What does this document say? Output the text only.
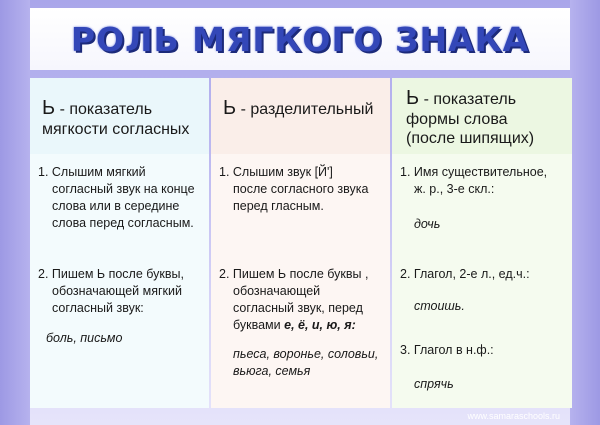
РОЛЬ МЯГКОГО ЗНАКА
Ь - показатель
мягкости согласных
Ь - разделительный
Ь - показатель
формы слова
(после шипящих)
1. Слышим мягкий
согласный звук на конце слова или в середине слова перед согласным.
2. Пишем Ь после буквы,
обозначающей мягкий согласный звук:
боль, письмо
1. Слышим звук [Й']
после согласного звука перед гласным.
2. Пишем Ь после буквы ,
обозначающей согласный звук, перед буквами е, ё, и, ю, я:
пьеса, воронье, соловьи, вьюга, семья
1. Имя существительное,
ж. р., 3-е скл.:
дочь
2. Глагол, 2-е л., ед.ч.:
стоишь.
3. Глагол в н.ф.:
спрячь
www.samaraschools.ru
